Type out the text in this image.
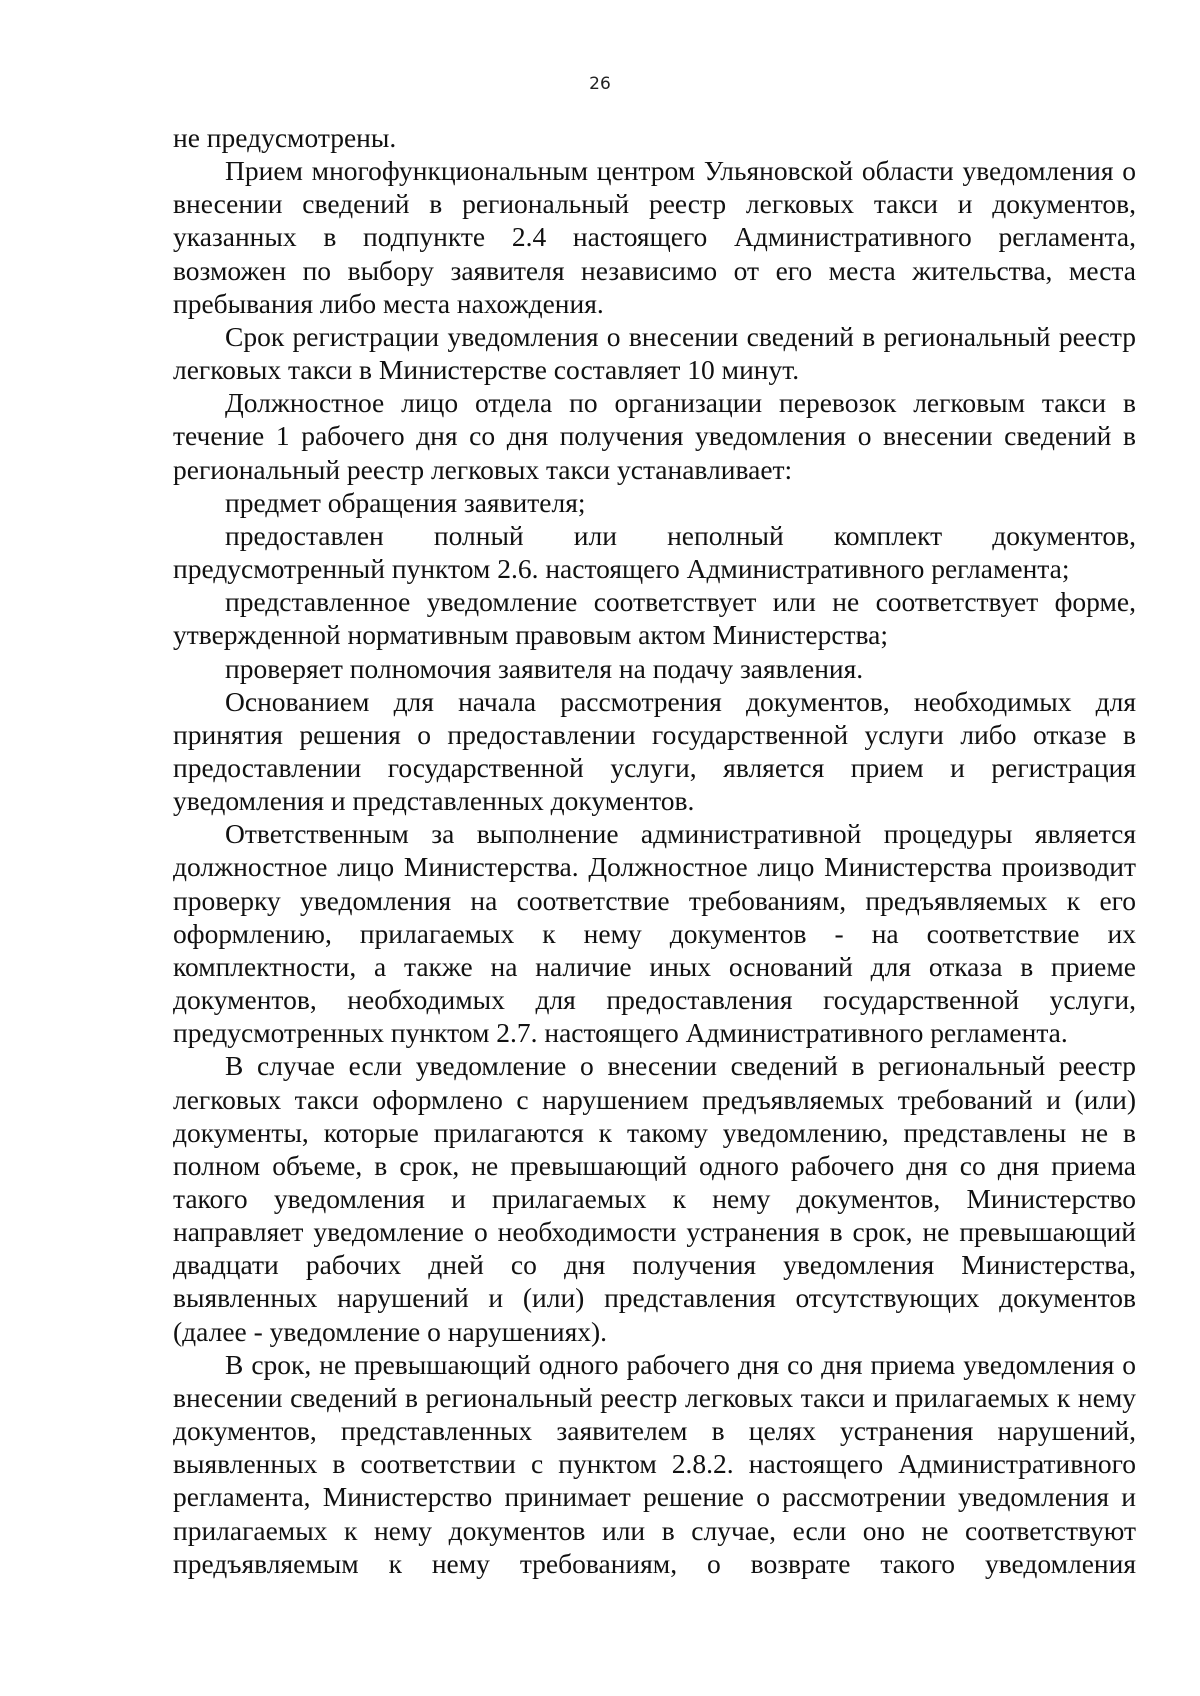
26

не предусмотрены.

Прием многофункциональным центром Ульяновской области уведомления о внесении сведений в региональный реестр легковых такси и документов, указанных в подпункте 2.4 настоящего Административного регламента, возможен по выбору заявителя независимо от его места жительства, места пребывания либо места нахождения.

Срок регистрации уведомления о внесении сведений в региональный реестр легковых такси в Министерстве составляет 10 минут.

Должностное лицо отдела по организации перевозок легковым такси в течение 1 рабочего дня со дня получения уведомления о внесении сведений в региональный реестр легковых такси устанавливает:

предмет обращения заявителя;

предоставлен полный или неполный комплект документов, предусмотренный пунктом 2.6. настоящего Административного регламента;

представленное уведомление соответствует или не соответствует форме, утвержденной нормативным правовым актом Министерства;

проверяет полномочия заявителя на подачу заявления.

Основанием для начала рассмотрения документов, необходимых для принятия решения о предоставлении государственной услуги либо отказе в предоставлении государственной услуги, является прием и регистрация уведомления и представленных документов.

Ответственным за выполнение административной процедуры является должностное лицо Министерства. Должностное лицо Министерства производит проверку уведомления на соответствие требованиям, предъявляемых к его оформлению, прилагаемых к нему документов - на соответствие их комплектности, а также на наличие иных оснований для отказа в приеме документов, необходимых для предоставления государственной услуги, предусмотренных пунктом 2.7. настоящего Административного регламента.

В случае если уведомление о внесении сведений в региональный реестр легковых такси оформлено с нарушением предъявляемых требований и (или) документы, которые прилагаются к такому уведомлению, представлены не в полном объеме, в срок, не превышающий одного рабочего дня со дня приема такого уведомления и прилагаемых к нему документов, Министерство направляет уведомление о необходимости устранения в срок, не превышающий двадцати рабочих дней со дня получения уведомления Министерства, выявленных нарушений и (или) представления отсутствующих документов (далее - уведомление о нарушениях).

В срок, не превышающий одного рабочего дня со дня приема уведомления о внесении сведений в региональный реестр легковых такси и прилагаемых к нему документов, представленных заявителем в целях устранения нарушений, выявленных в соответствии с пунктом 2.8.2. настоящего Административного регламента, Министерство принимает решение о рассмотрении уведомления и прилагаемых к нему документов или в случае, если оно не соответствуют предъявляемым к нему требованиям, о возврате такого уведомления
